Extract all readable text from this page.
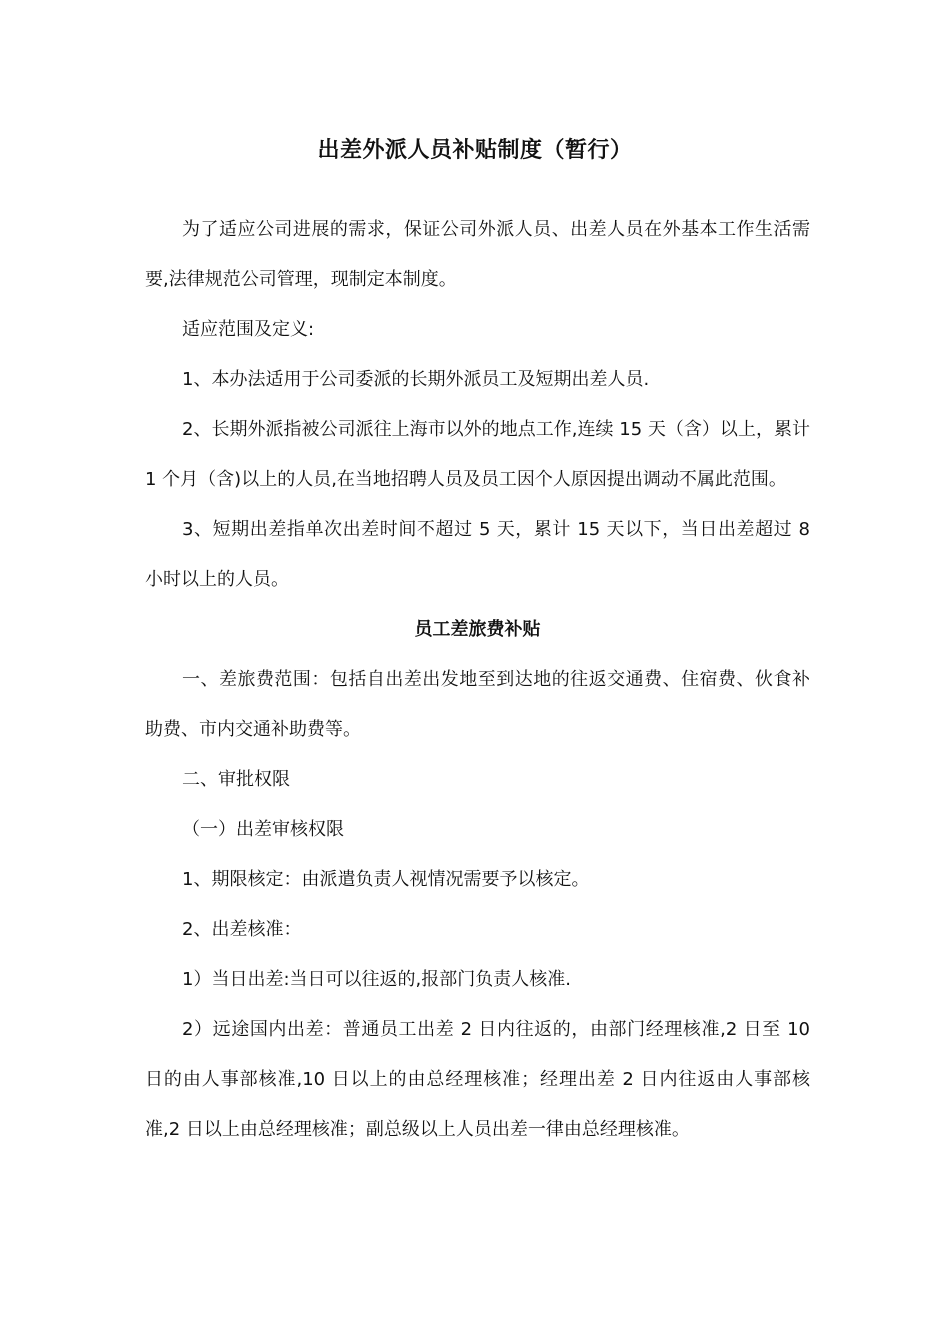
出差外派人员补贴制度（暂行）

为了适应公司进展的需求，保证公司外派人员、出差人员在外基本工作生活需要,法律规范公司管理，现制定本制度。

适应范围及定义:

1、本办法适用于公司委派的长期外派员工及短期出差人员.

2、长期外派指被公司派往上海市以外的地点工作,连续 15 天（含）以上，累计 1 个月（含)以上的人员,在当地招聘人员及员工因个人原因提出调动不属此范围。

3、短期出差指单次出差时间不超过 5 天，累计 15 天以下，当日出差超过 8 小时以上的人员。

员工差旅费补贴

一、差旅费范围：包括自出差出发地至到达地的往返交通费、住宿费、伙食补助费、市内交通补助费等。

二、审批权限

（一）出差审核权限

1、期限核定：由派遣负责人视情况需要予以核定。

2、出差核准：

1）当日出差:当日可以往返的,报部门负责人核准.

2）远途国内出差：普通员工出差 2 日内往返的，由部门经理核准,2 日至 10 日的由人事部核准,10 日以上的由总经理核准；经理出差 2 日内往返由人事部核准,2 日以上由总经理核准；副总级以上人员出差一律由总经理核准。
